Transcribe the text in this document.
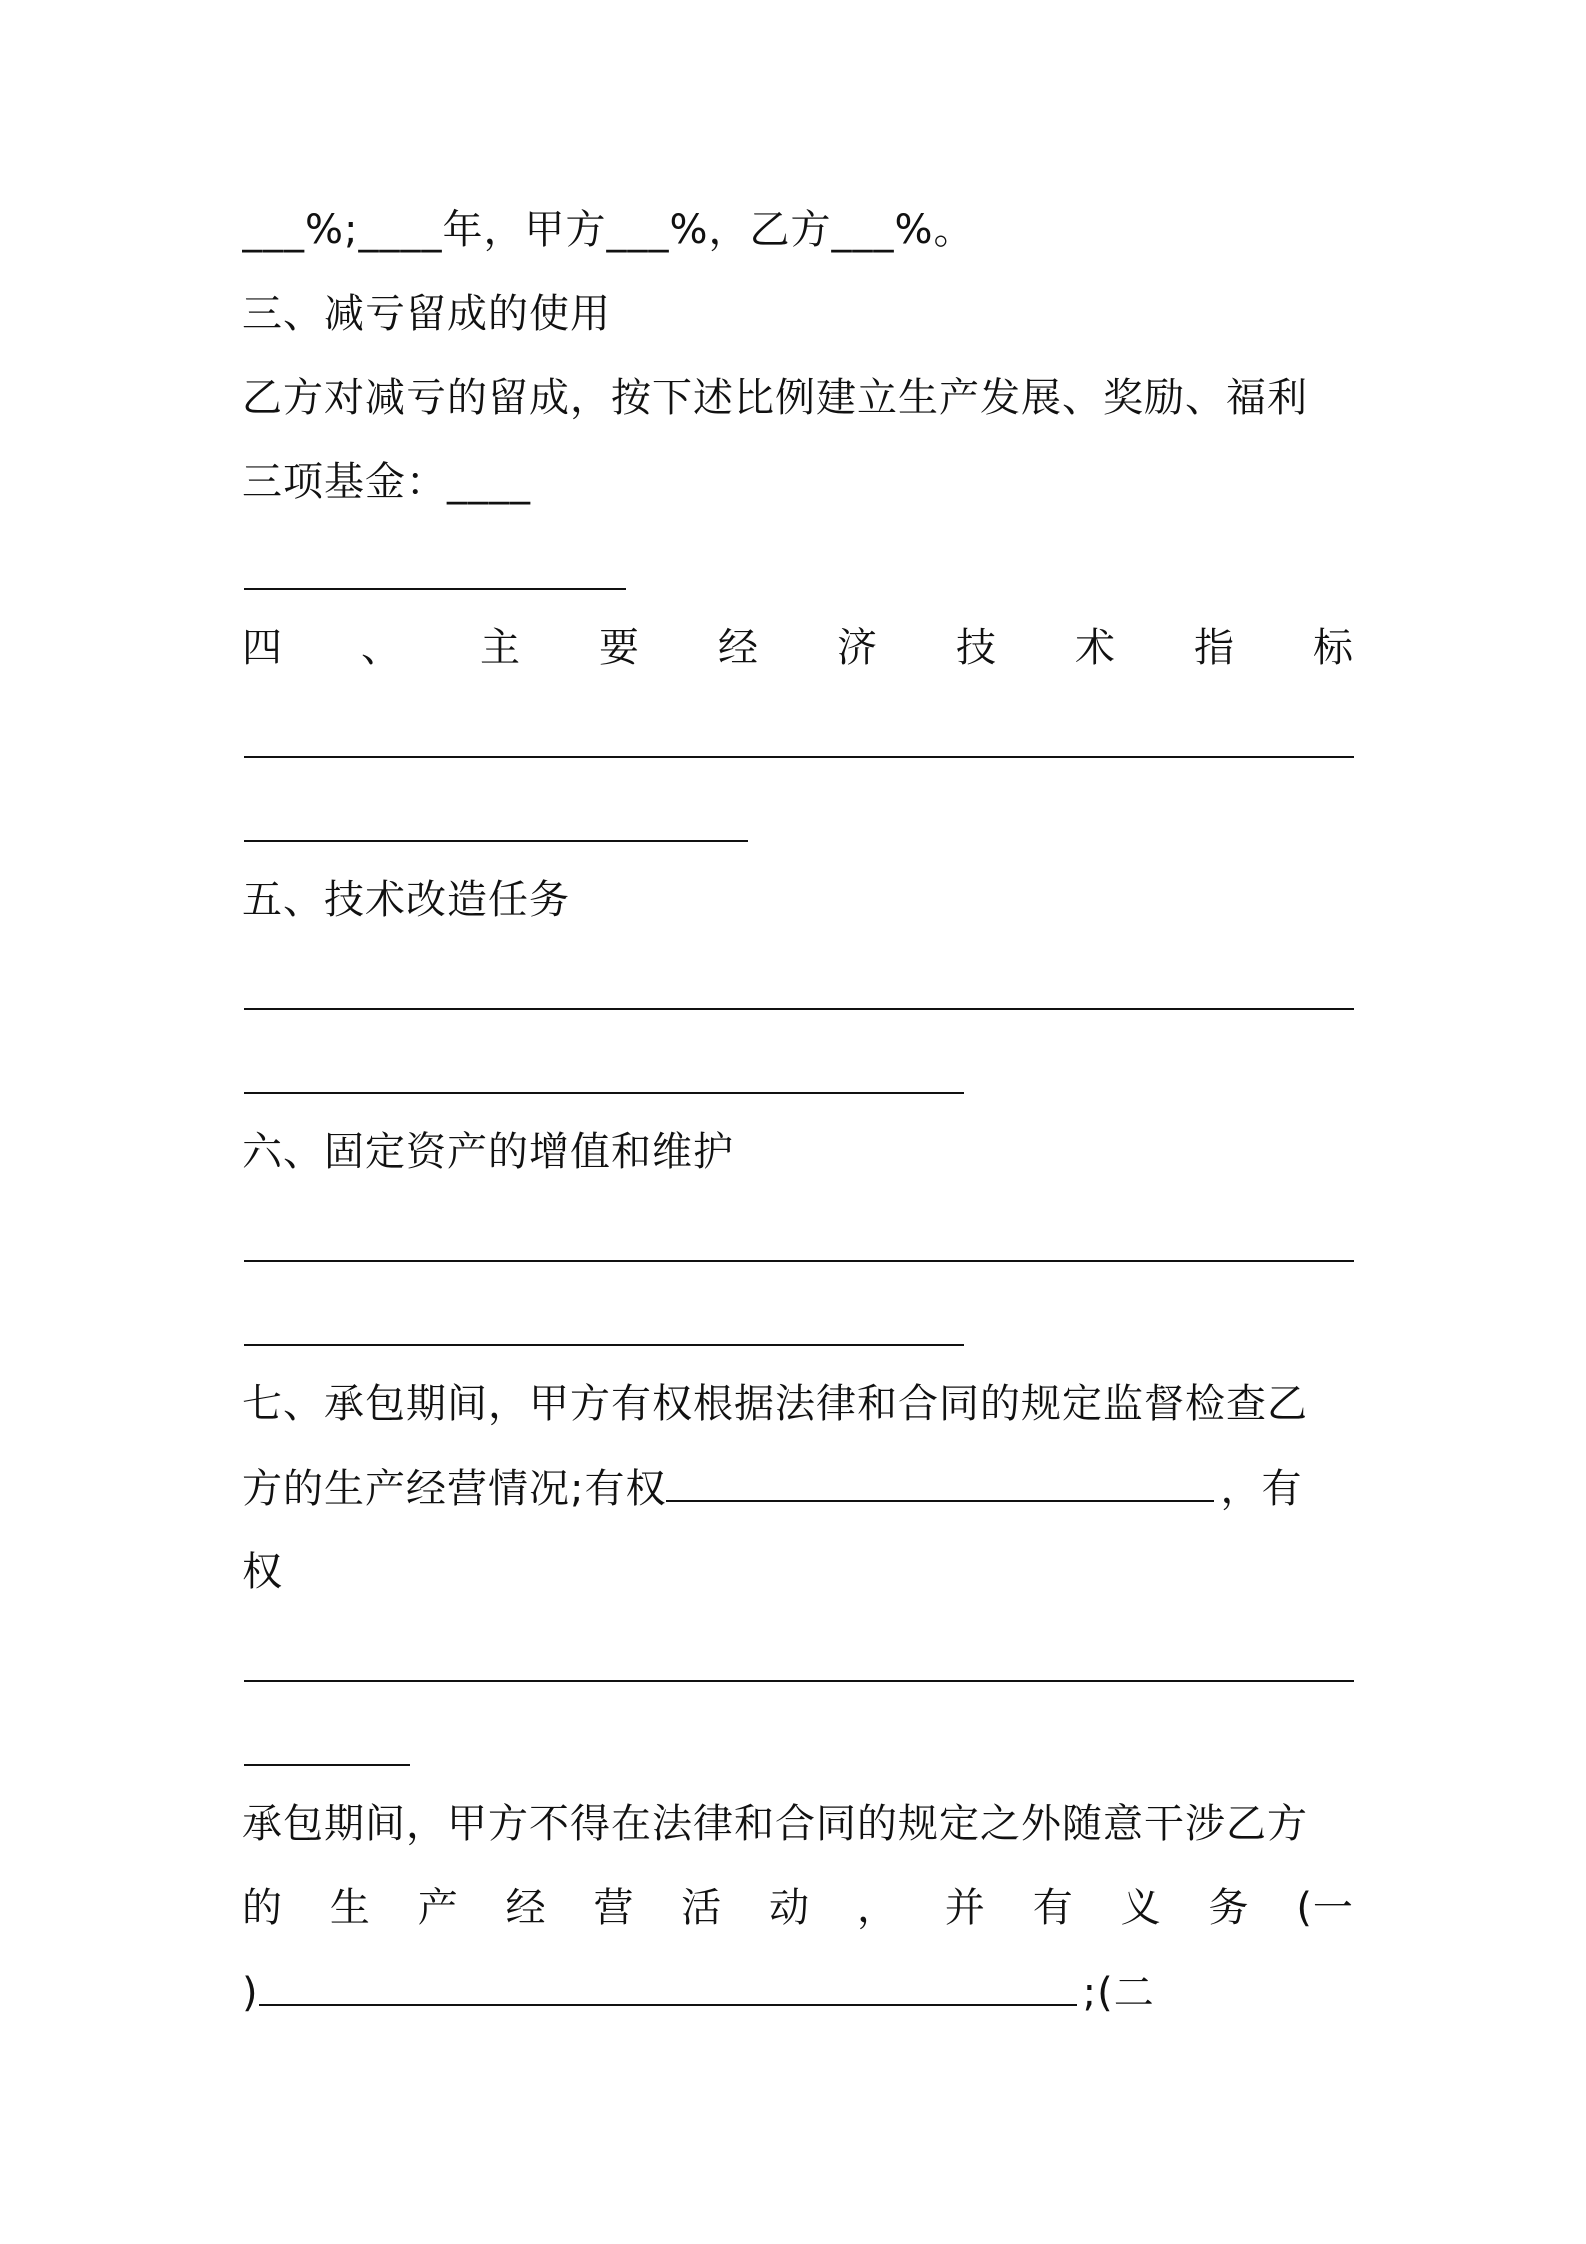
___%;____年，甲方___%，乙方___%。
三、减亏留成的使用
乙方对减亏的留成，按下述比例建立生产发展、奖励、福利
三项基金：____
四 、 主 要 经 济 技 术 指 标
五、技术改造任务
六、固定资产的增值和维护
七、承包期间，甲方有权根据法律和合同的规定监督检查乙
方的生产经营情况;有权	，有
权
承包期间，甲方不得在法律和合同的规定之外随意干涉乙方
的 生 产 经 营 活 动 ， 并 有 义 务 (一
)	;(二
